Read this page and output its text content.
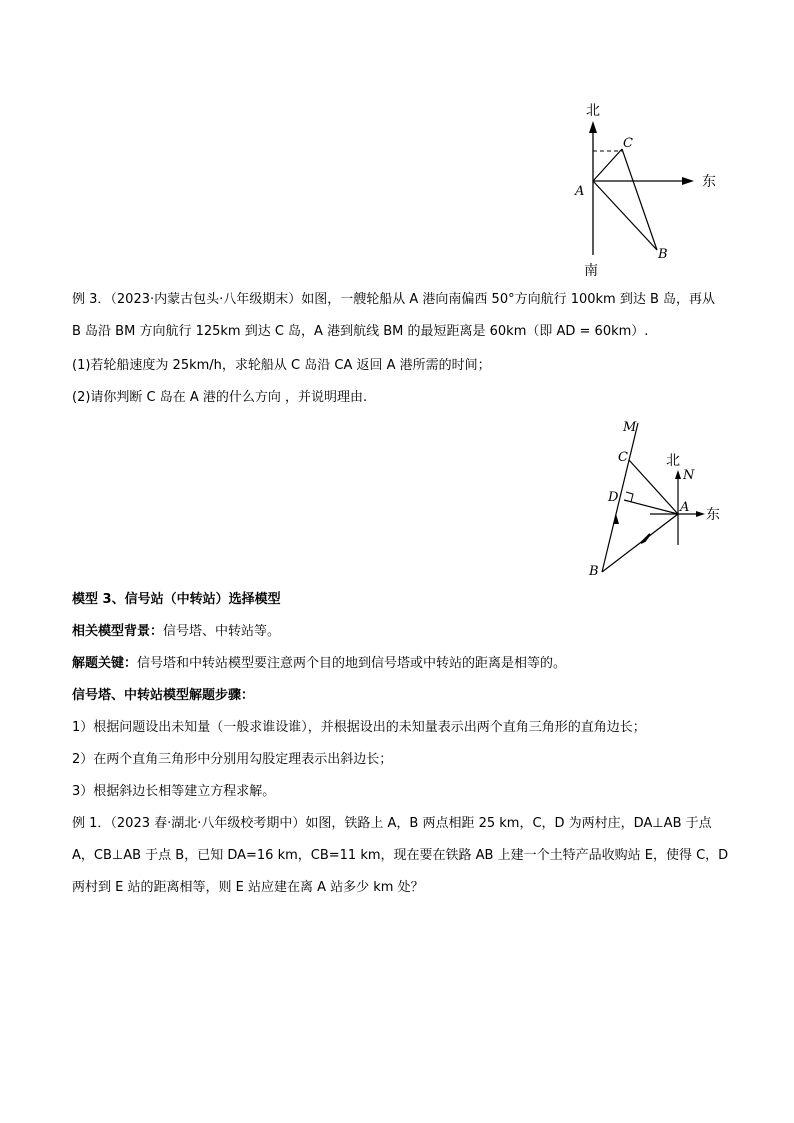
北
东
南
A
C
B
例 3．（2023·内蒙古包头·八年级期末）如图，一艘轮船从 A 港向南偏西 50°方向航行 100km 到达 B 岛，再从
B 岛沿 BM 方向航行 125km 到达 C 岛，A 港到航线 BM 的最短距离是 60km（即 AD = 60km）.
(1)若轮船速度为 25km/h，求轮船从 C 岛沿 CA 返回 A 港所需的时间；
(2)请你判断 C 岛在 A 港的什么方向 ，并说明理由.
M
C
D
A
B
N
北
东
模型 3、信号站（中转站）选择模型
相关模型背景：信号塔、中转站等。
解题关键：信号塔和中转站模型要注意两个目的地到信号塔或中转站的距离是相等的。
信号塔、中转站模型解题步骤：
1）根据问题设出未知量（一般求谁设谁），并根据设出的未知量表示出两个直角三角形的直角边长；
2）在两个直角三角形中分别用勾股定理表示出斜边长；
3）根据斜边长相等建立方程求解。
例 1．（2023 春·湖北·八年级校考期中）如图，铁路上 A，B 两点相距 25 km，C，D 为两村庄，DA⊥AB 于点
A，CB⊥AB 于点 B，已知 DA=16 km，CB=11 km，现在要在铁路 AB 上建一个土特产品收购站 E，使得 C，D
两村到 E 站的距离相等，则 E 站应建在离 A 站多少 km 处？
